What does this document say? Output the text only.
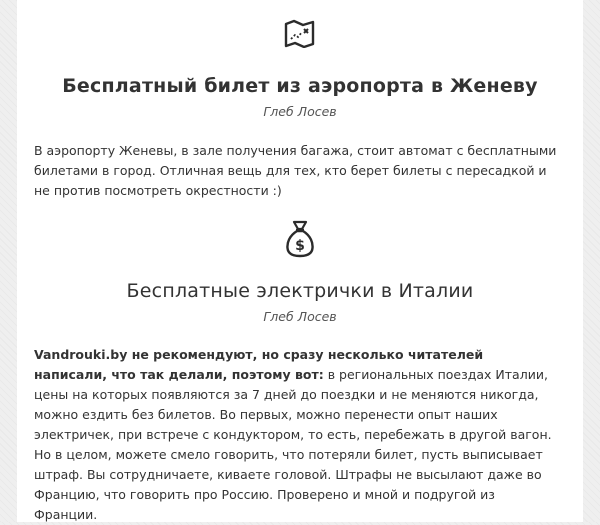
Бесплатный билет из аэропорта в Женеву

Глеб Лосев

В аэропорту Женевы, в зале получения багажа, стоит автомат с бесплатными билетами в город. Отличная вещь для тех, кто берет билеты с пересадкой и не против посмотреть окрестности :)

$
Бесплатные электрички в Италии

Глеб Лосев

Vandrouki.by не рекомендуют, но сразу несколько читателей написали, что так делали, поэтому вот: в региональных поездах Италии, цены на которых появляются за 7 дней до поездки и не меняются никогда, можно ездить без билетов. Во первых, можно перенести опыт наших электричек, при встрече с кондуктором, то есть, перебежать в другой вагон. Но в целом, можете смело говорить, что потеряли билет, пусть выписывает штраф. Вы сотрудничаете, киваете головой. Штрафы не высылают даже во Францию, что говорить про Россию. Проверено и мной и подругой из Франции.
